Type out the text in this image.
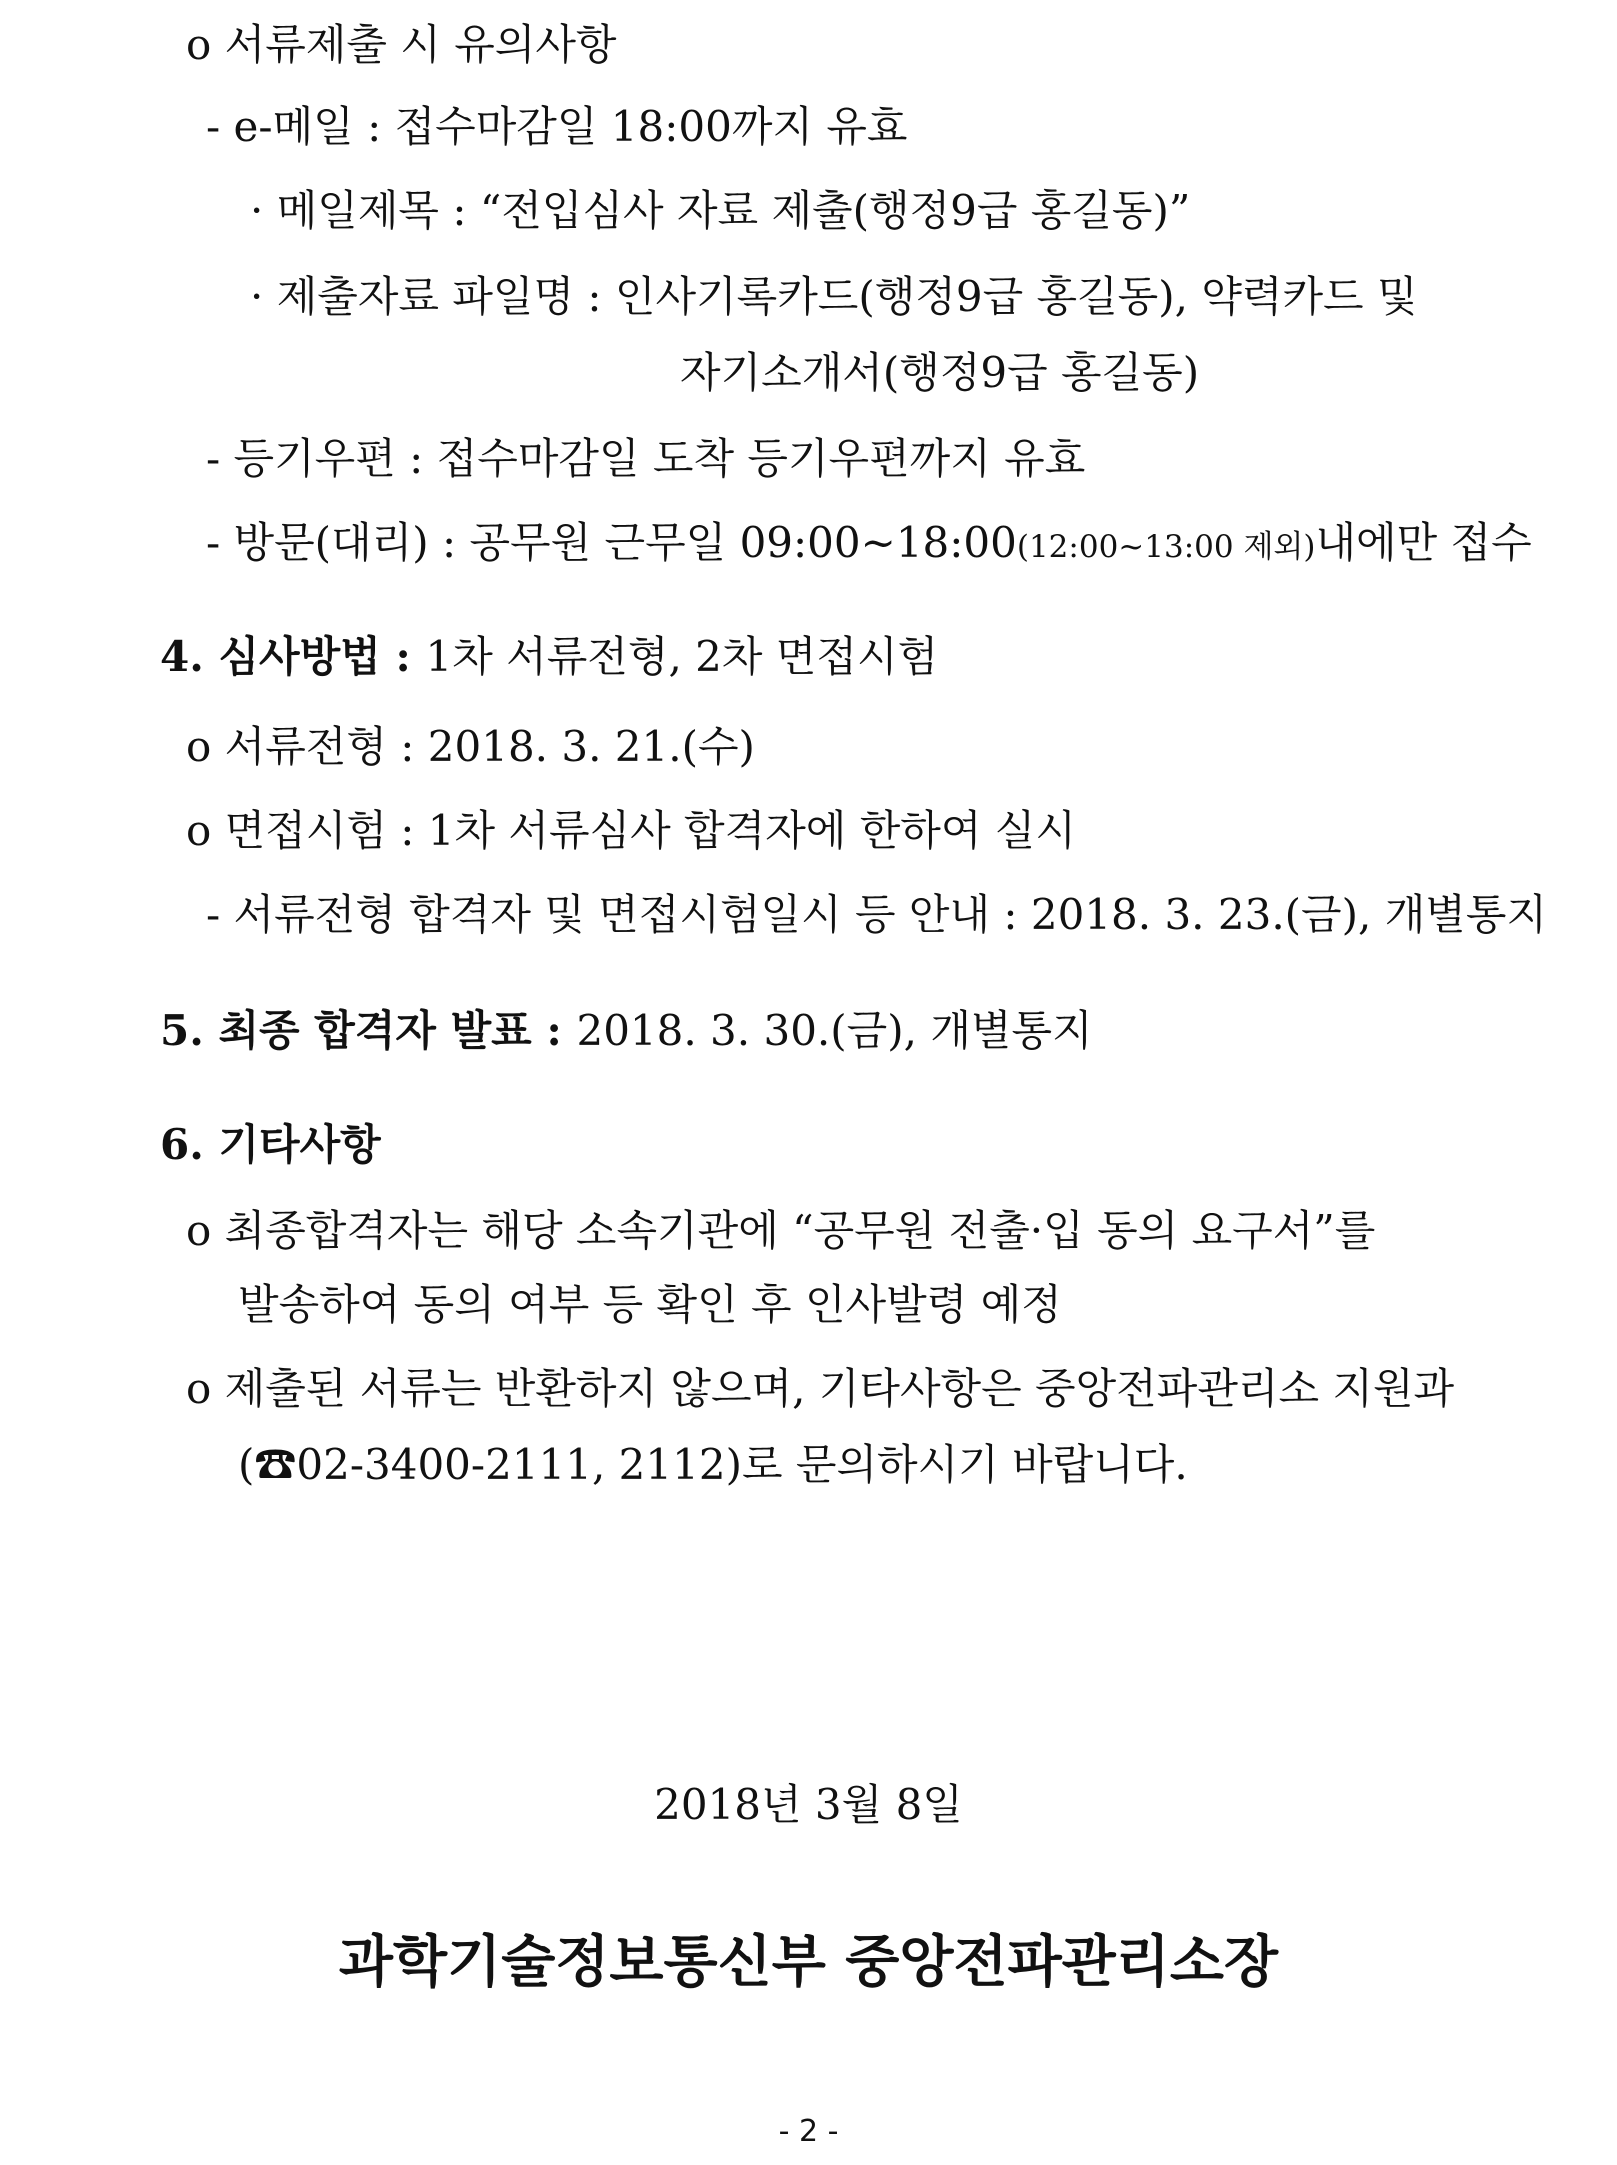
o 서류제출 시 유의사항
- e-메일 : 접수마감일 18:00까지 유효
· 메일제목 : “전입심사 자료 제출(행정9급 홍길동)”
· 제출자료 파일명 : 인사기록카드(행정9급 홍길동), 약력카드 및
자기소개서(행정9급 홍길동)
- 등기우편 : 접수마감일 도착 등기우편까지 유효
- 방문(대리) : 공무원 근무일 09:00~18:00(12:00~13:00 제외)내에만 접수
4. 심사방법 : 1차 서류전형, 2차 면접시험
o 서류전형 : 2018. 3. 21.(수)
o 면접시험 : 1차 서류심사 합격자에 한하여 실시
- 서류전형 합격자 및 면접시험일시 등 안내 : 2018. 3. 23.(금), 개별통지
5. 최종 합격자 발표 : 2018. 3. 30.(금), 개별통지
6. 기타사항
o 최종합격자는 해당 소속기관에 “공무원 전출·입 동의 요구서”를
발송하여 동의 여부 등 확인 후 인사발령 예정
o 제출된 서류는 반환하지 않으며, 기타사항은 중앙전파관리소 지원과
(☎02-3400-2111, 2112)로 문의하시기 바랍니다.
2018년 3월 8일
과학기술정보통신부 중앙전파관리소장
- 2 -
